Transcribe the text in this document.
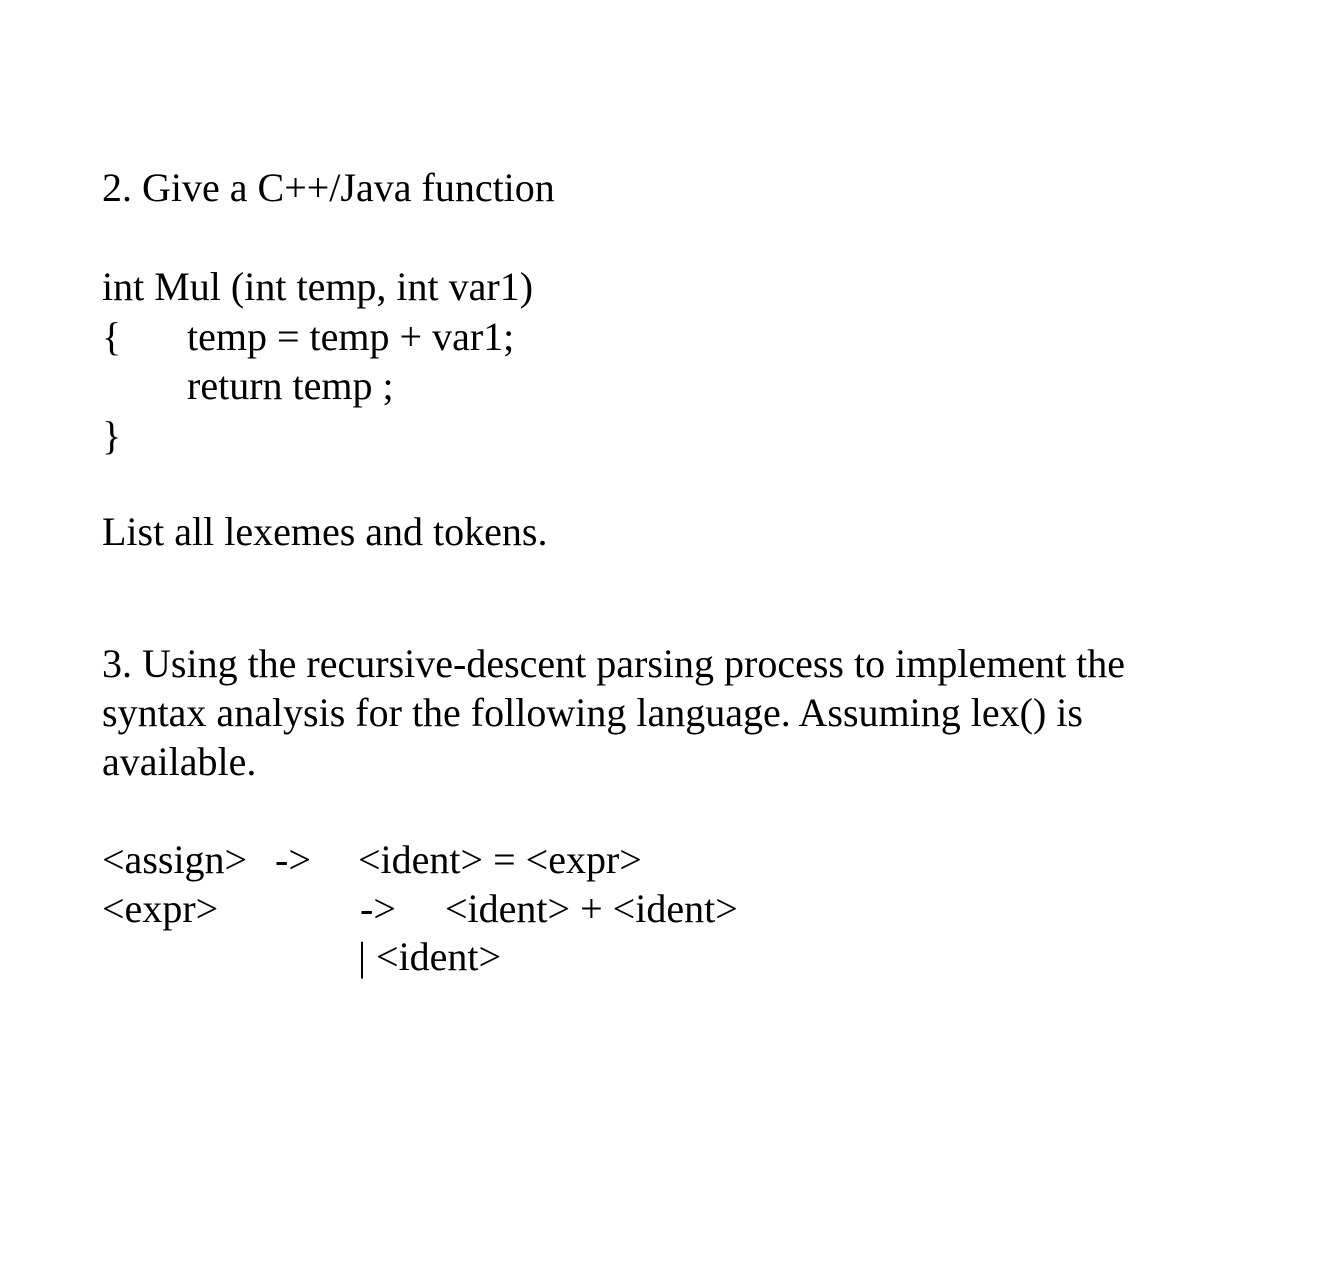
2. Give a C++/Java function
int Mul (int temp, int var1)
{ temp = temp + var1;
return temp ;
}
List all lexemes and tokens.
3. Using the recursive-descent parsing process to implement the
syntax analysis for the following language. Assuming lex() is
available.
<assign> -> <ident> = <expr>
<expr>	-> <ident> + <ident>
| <ident>
